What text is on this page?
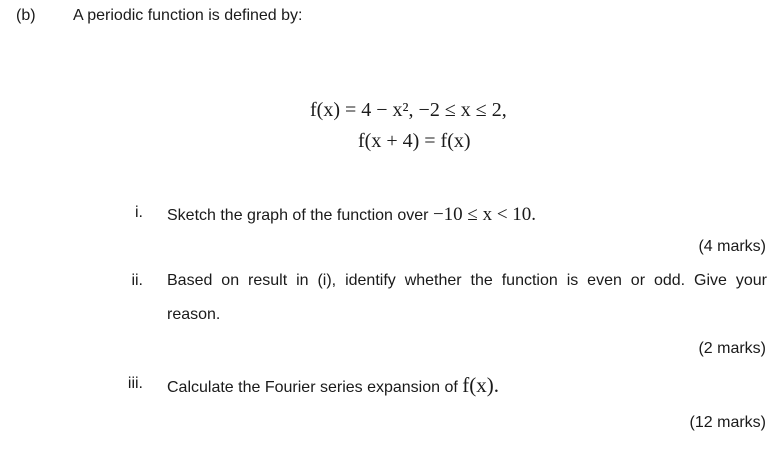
(b) A periodic function is defined by:
f(x) = 4 − x², −2 ≤ x ≤ 2,
f(x + 4) = f(x)
i. Sketch the graph of the function over −10 ≤ x < 10.
(4 marks)
ii. Based on result in (i), identify whether the function is even or odd. Give your
reason.
(2 marks)
iii. Calculate the Fourier series expansion of f(x).
(12 marks)
